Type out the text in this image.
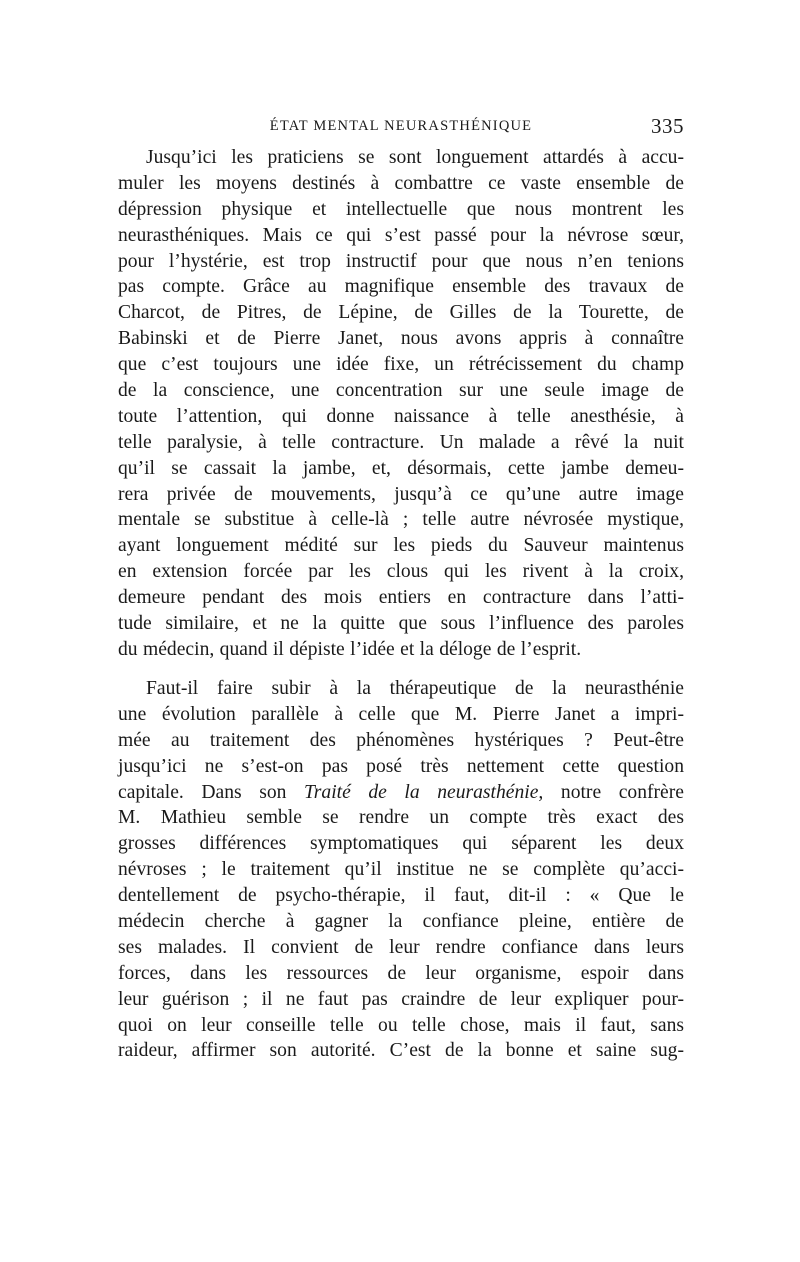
ÉTAT MENTAL NEURASTHÉNIQUE	335

Jusqu’ici les praticiens se sont longuement attardés à accu-
muler les moyens destinés à combattre ce vaste ensemble de
dépression physique et intellectuelle que nous montrent les
neurasthéniques. Mais ce qui s’est passé pour la névrose sœur,
pour l’hystérie, est trop instructif pour que nous n’en tenions
pas compte. Grâce au magnifique ensemble des travaux de
Charcot, de Pitres, de Lépine, de Gilles de la Tourette, de
Babinski et de Pierre Janet, nous avons appris à connaître
que c’est toujours une idée fixe, un rétrécissement du champ
de la conscience, une concentration sur une seule image de
toute l’attention, qui donne naissance à telle anesthésie, à
telle paralysie, à telle contracture. Un malade a rêvé la nuit
qu’il se cassait la jambe, et, désormais, cette jambe demeu-
rera privée de mouvements, jusqu’à ce qu’une autre image
mentale se substitue à celle-là ; telle autre névrosée mystique,
ayant longuement médité sur les pieds du Sauveur maintenus
en extension forcée par les clous qui les rivent à la croix,
demeure pendant des mois entiers en contracture dans l’atti-
tude similaire, et ne la quitte que sous l’influence des paroles
du médecin, quand il dépiste l’idée et la déloge de l’esprit.

Faut-il faire subir à la thérapeutique de la neurasthénie
une évolution parallèle à celle que M. Pierre Janet a impri-
mée au traitement des phénomènes hystériques ? Peut-être
jusqu’ici ne s’est-on pas posé très nettement cette question
capitale. Dans son Traité de la neurasthénie, notre confrère
M. Mathieu semble se rendre un compte très exact des
grosses différences symptomatiques qui séparent les deux
névroses ; le traitement qu’il institue ne se complète qu’acci-
dentellement de psycho-thérapie, il faut, dit-il : « Que le
médecin cherche à gagner la confiance pleine, entière de
ses malades. Il convient de leur rendre confiance dans leurs
forces, dans les ressources de leur organisme, espoir dans
leur guérison ; il ne faut pas craindre de leur expliquer pour-
quoi on leur conseille telle ou telle chose, mais il faut, sans
raideur, affirmer son autorité. C’est de la bonne et saine sug-
